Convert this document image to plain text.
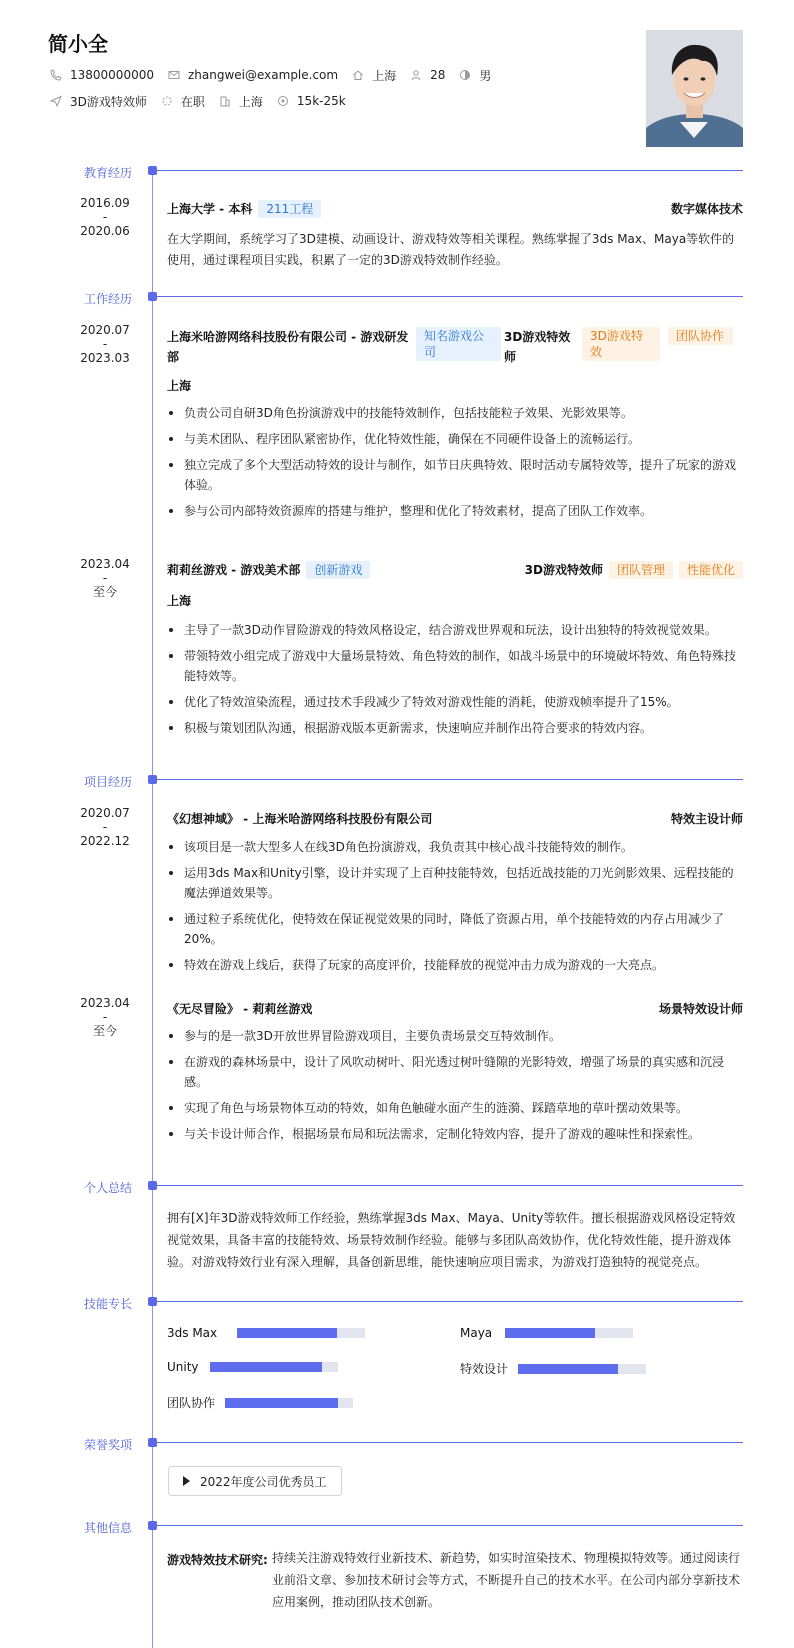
简小全
13800000000	zhangwei@example.com	上海	28	男
3D游戏特效师	在职	上海	15k-25k
教育经历
2016.09
-
2020.06
上海大学 - 本科	211工程	数字媒体技术
在大学期间，系统学习了3D建模、动画设计、游戏特效等相关课程。熟练掌握了3ds Max、Maya等软件的使用，通过课程项目实践，积累了一定的3D游戏特效制作经验。
工作经历
2020.07
-
2023.03
上海米哈游网络科技股份有限公司 - 游戏研发部
知名游戏公司
3D游戏特效师
3D游戏特效
团队协作
上海
负责公司自研3D角色扮演游戏中的技能特效制作，包括技能粒子效果、光影效果等。
与美术团队、程序团队紧密协作，优化特效性能，确保在不同硬件设备上的流畅运行。
独立完成了多个大型活动特效的设计与制作，如节日庆典特效、限时活动专属特效等，提升了玩家的游戏体验。
参与公司内部特效资源库的搭建与维护，整理和优化了特效素材，提高了团队工作效率。
2023.04
-
至今
莉莉丝游戏 - 游戏美术部	创新游戏	3D游戏特效师	团队管理	性能优化
上海
主导了一款3D动作冒险游戏的特效风格设定，结合游戏世界观和玩法，设计出独特的特效视觉效果。
带领特效小组完成了游戏中大量场景特效、角色特效的制作，如战斗场景中的环境破坏特效、角色特殊技能特效等。
优化了特效渲染流程，通过技术手段减少了特效对游戏性能的消耗，使游戏帧率提升了15%。
积极与策划团队沟通，根据游戏版本更新需求，快速响应并制作出符合要求的特效内容。
项目经历
2020.07
-
2022.12
《幻想神域》 - 上海米哈游网络科技股份有限公司	特效主设计师
该项目是一款大型多人在线3D角色扮演游戏，我负责其中核心战斗技能特效的制作。
运用3ds Max和Unity引擎，设计并实现了上百种技能特效，包括近战技能的刀光剑影效果、远程技能的魔法弹道效果等。
通过粒子系统优化，使特效在保证视觉效果的同时，降低了资源占用，单个技能特效的内存占用减少了20%。
特效在游戏上线后，获得了玩家的高度评价，技能释放的视觉冲击力成为游戏的一大亮点。
2023.04
-
至今
《无尽冒险》 - 莉莉丝游戏	场景特效设计师
参与的是一款3D开放世界冒险游戏项目，主要负责场景交互特效制作。
在游戏的森林场景中，设计了风吹动树叶、阳光透过树叶缝隙的光影特效，增强了场景的真实感和沉浸感。
实现了角色与场景物体互动的特效，如角色触碰水面产生的涟漪、踩踏草地的草叶摆动效果等。
与关卡设计师合作，根据场景布局和玩法需求，定制化特效内容，提升了游戏的趣味性和探索性。
个人总结
拥有[X]年3D游戏特效师工作经验，熟练掌握3ds Max、Maya、Unity等软件。擅长根据游戏风格设定特效视觉效果，具备丰富的技能特效、场景特效制作经验。能够与多团队高效协作，优化特效性能，提升游戏体验。对游戏特效行业有深入理解，具备创新思维，能快速响应项目需求，为游戏打造独特的视觉亮点。
技能专长
3ds Max	Maya
Unity	特效设计
团队协作
荣誉奖项
2022年度公司优秀员工
其他信息
游戏特效技术研究: 持续关注游戏特效行业新技术、新趋势，如实时渲染技术、物理模拟特效等。通过阅读行业前沿文章、参加技术研讨会等方式，不断提升自己的技术水平。在公司内部分享新技术应用案例，推动团队技术创新。
